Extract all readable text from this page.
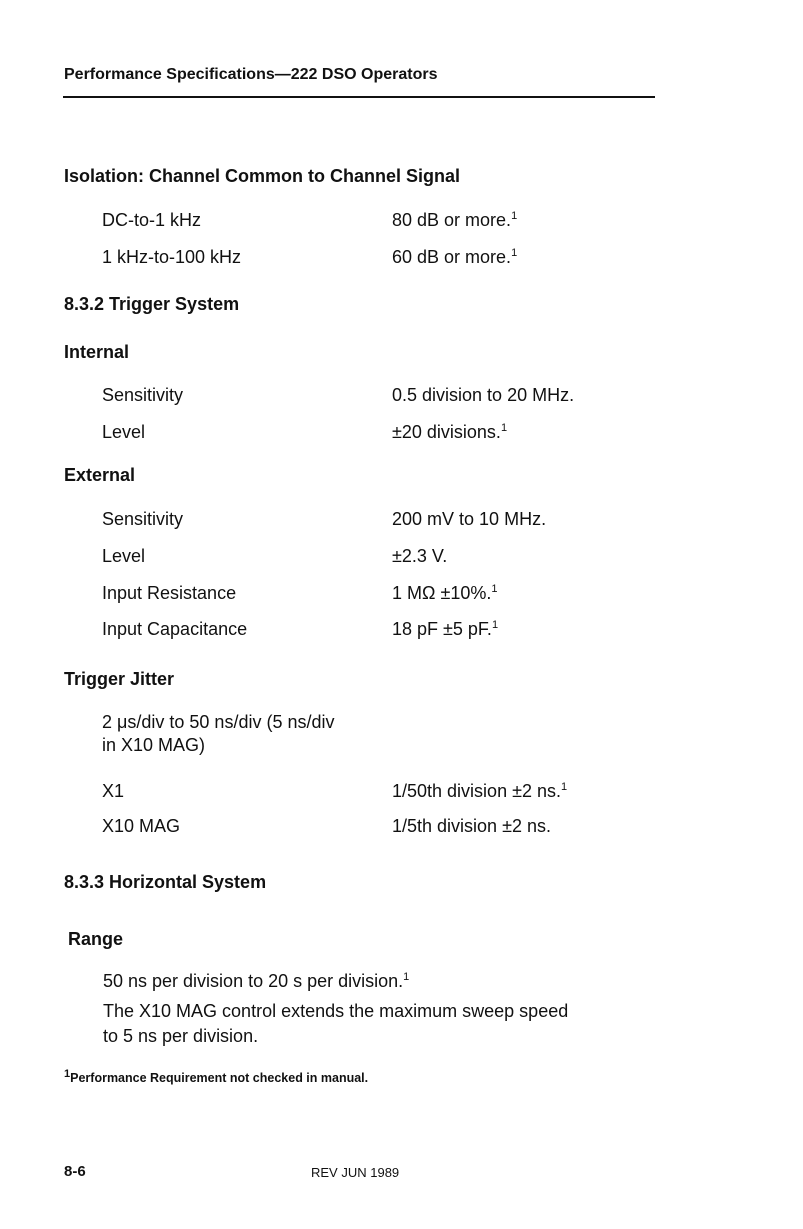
Performance Specifications—222 DSO Operators
Isolation: Channel Common to Channel Signal
DC-to-1 kHz	80 dB or more.$^1$
1 kHz-to-100 kHz	60 dB or more.$^1$
8.3.2 Trigger System
Internal
Sensitivity	0.5 division to 20 MHz.
Level	±20 divisions.$^1$
External
Sensitivity	200 mV to 10 MHz.
Level	±2.3 V.
Input Resistance	1 MΩ ±10%.$^1$
Input Capacitance	18 pF ±5 pF.$^1$
Trigger Jitter
2 μs/div to 50 ns/div (5 ns/div
in X10 MAG)
X1	1/50th division ±2 ns.$^1$
X10 MAG	1/5th division ±2 ns.
8.3.3 Horizontal System
Range
50 ns per division to 20 s per division.$^1$
The X10 MAG control extends the maximum sweep speed
to 5 ns per division.
$^1$Performance Requirement not checked in manual.
8-6	REV JUN 1989
